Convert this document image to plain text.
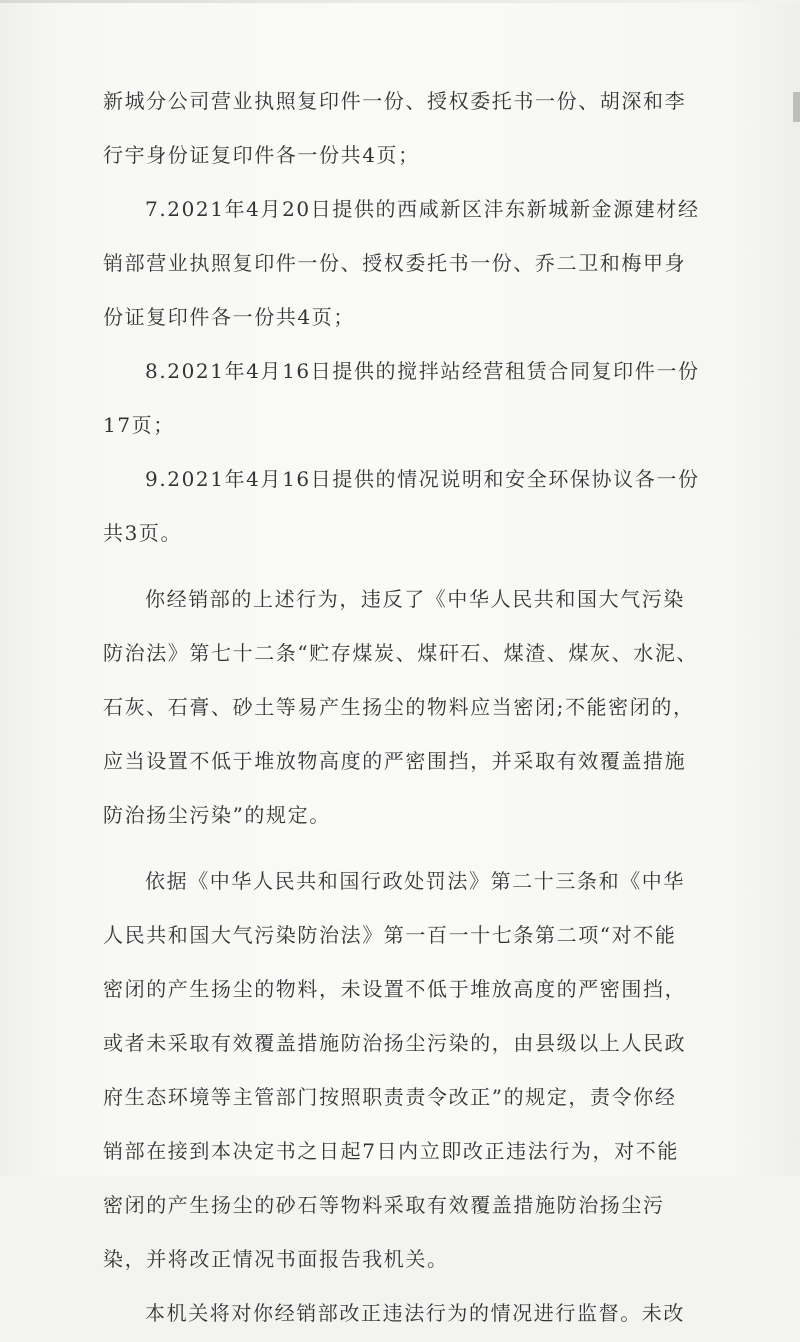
新城分公司营业执照复印件一份、授权委托书一份、胡深和李
行宇身份证复印件各一份共4页；
7.2021年4月20日提供的西咸新区沣东新城新金源建材经
销部营业执照复印件一份、授权委托书一份、乔二卫和梅甲身
份证复印件各一份共4页；
8.2021年4月16日提供的搅拌站经营租赁合同复印件一份
17页；
9.2021年4月16日提供的情况说明和安全环保协议各一份
共3页。
你经销部的上述行为，违反了《中华人民共和国大气污染
防治法》第七十二条“贮存煤炭、煤矸石、煤渣、煤灰、水泥、
石灰、石膏、砂土等易产生扬尘的物料应当密闭;不能密闭的，
应当设置不低于堆放物高度的严密围挡，并采取有效覆盖措施
防治扬尘污染”的规定。
依据《中华人民共和国行政处罚法》第二十三条和《中华
人民共和国大气污染防治法》第一百一十七条第二项“对不能
密闭的产生扬尘的物料，未设置不低于堆放高度的严密围挡，
或者未采取有效覆盖措施防治扬尘污染的，由县级以上人民政
府生态环境等主管部门按照职责责令改正”的规定，责令你经
销部在接到本决定书之日起7日内立即改正违法行为，对不能
密闭的产生扬尘的砂石等物料采取有效覆盖措施防治扬尘污
染，并将改正情况书面报告我机关。
本机关将对你经销部改正违法行为的情况进行监督。未改
